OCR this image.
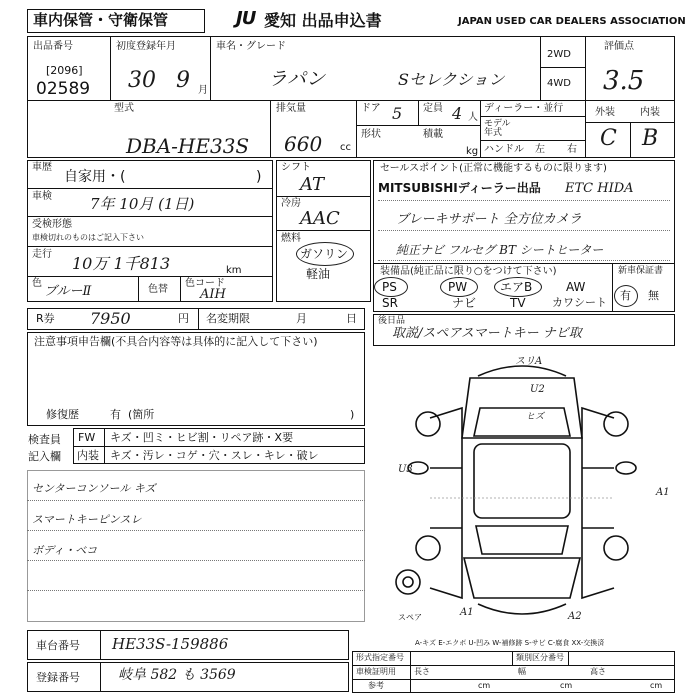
車内保管・守衛保管	JU 愛知 出品申込書	JAPAN USED CAR DEALERS ASSOCIATION
出品番号
[2096]
02589
初度登録年月
30 9 月
車名・グレード
ラパン	Sセレクション
2WD
4WD
評価点
3.5
外装	内装
C B
型式
DBA-HE33S
排気量
660 cc
ドア 5 定員 4 人
ディーラー・並行
モデル年式
ハンドル 左 右
形状	積載
kg
車歴
自家用・(	)
車検	7年 10月 (1日)
受検形態
車検切れのものはご記入下さい
走行 10万 1千813	km
色
ブルーⅡ	色替
色コード
AIH
シフト
AT
冷房
AAC
燃料
ガソリン
軽油
セールスポイント(正常に機能するものに限ります)
MITSUBISHIディーラー出品 ETC HIDA
ブレーキサポート 全方位カメラ
純正ナビ フルセグ BT シートヒーター
装備品(純正品に限り○をつけて下さい)	新車保証書
有 無
PS	PW	エアB	AW
SR	ナビ	TV カワシート
R券 7950	円 名変期限	月	日
注意事項申告欄(不具合内容等は具体的に記入して下さい)
修復歴	有 (箇所	)
後日品
取説/スペアスマートキー ナビ取
検査員
記入欄
FW キズ・凹ミ・ヒビ割・リペア跡・X要
内装 キズ・汚レ・コゲ・穴・スレ・キレ・破レ
センターコンソール キズ
スマートキーピンスレ
ボディ・ベコ
スリA
U2
ヒズ
U3
A1
スペア	A1	A2
A-キズ E-エクボ U-凹み W-補修跡 S-サビ C-腐食 XX-交換済
車台番号 HE33S-159886
登録番号	岐阜 582 も 3569
形式指定番号	類別区分番号
車検証明用
参考
長さ	幅	高さ
cm	cm	cm
